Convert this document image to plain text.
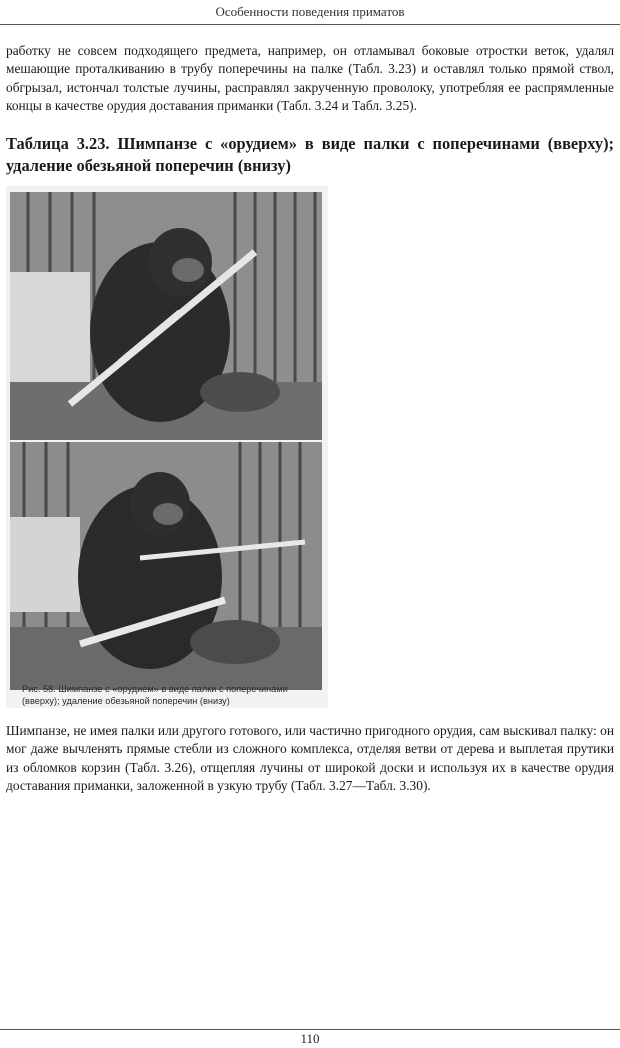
Особенности поведения приматов

работку не совсем подходящего предмета, например, он отламывал боковые отростки веток, удалял мешающие проталкиванию в трубу поперечины на палке (Табл. 3.23) и оставлял только прямой ствол, обгрызал, истончал толстые лучины, расправлял закрученную проволоку, употребляя ее распрямленные концы в качестве орудия доставания приманки (Табл. 3.24 и Табл. 3.25).

Таблица 3.23. Шимпанзе с «орудием» в виде палки с поперечинами (вверху); удаление обезьяной поперечин (внизу)

Рис. 58. Шимпанзе с «орудием» в виде палки с поперечинами (вверху); удаление обезьяной поперечин (внизу)

Шимпанзе, не имея палки или другого готового, или частично пригодного орудия, сам выскивал палку: он мог даже вычленять прямые стебли из сложного комплекса, отделяя ветви от дерева и выплетая прутики из обломков корзин (Табл. 3.26), отщепляя лучины от широкой доски и используя их в качестве орудия доставания приманки, заложенной в узкую трубу (Табл. 3.27—Табл. 3.30).

110
